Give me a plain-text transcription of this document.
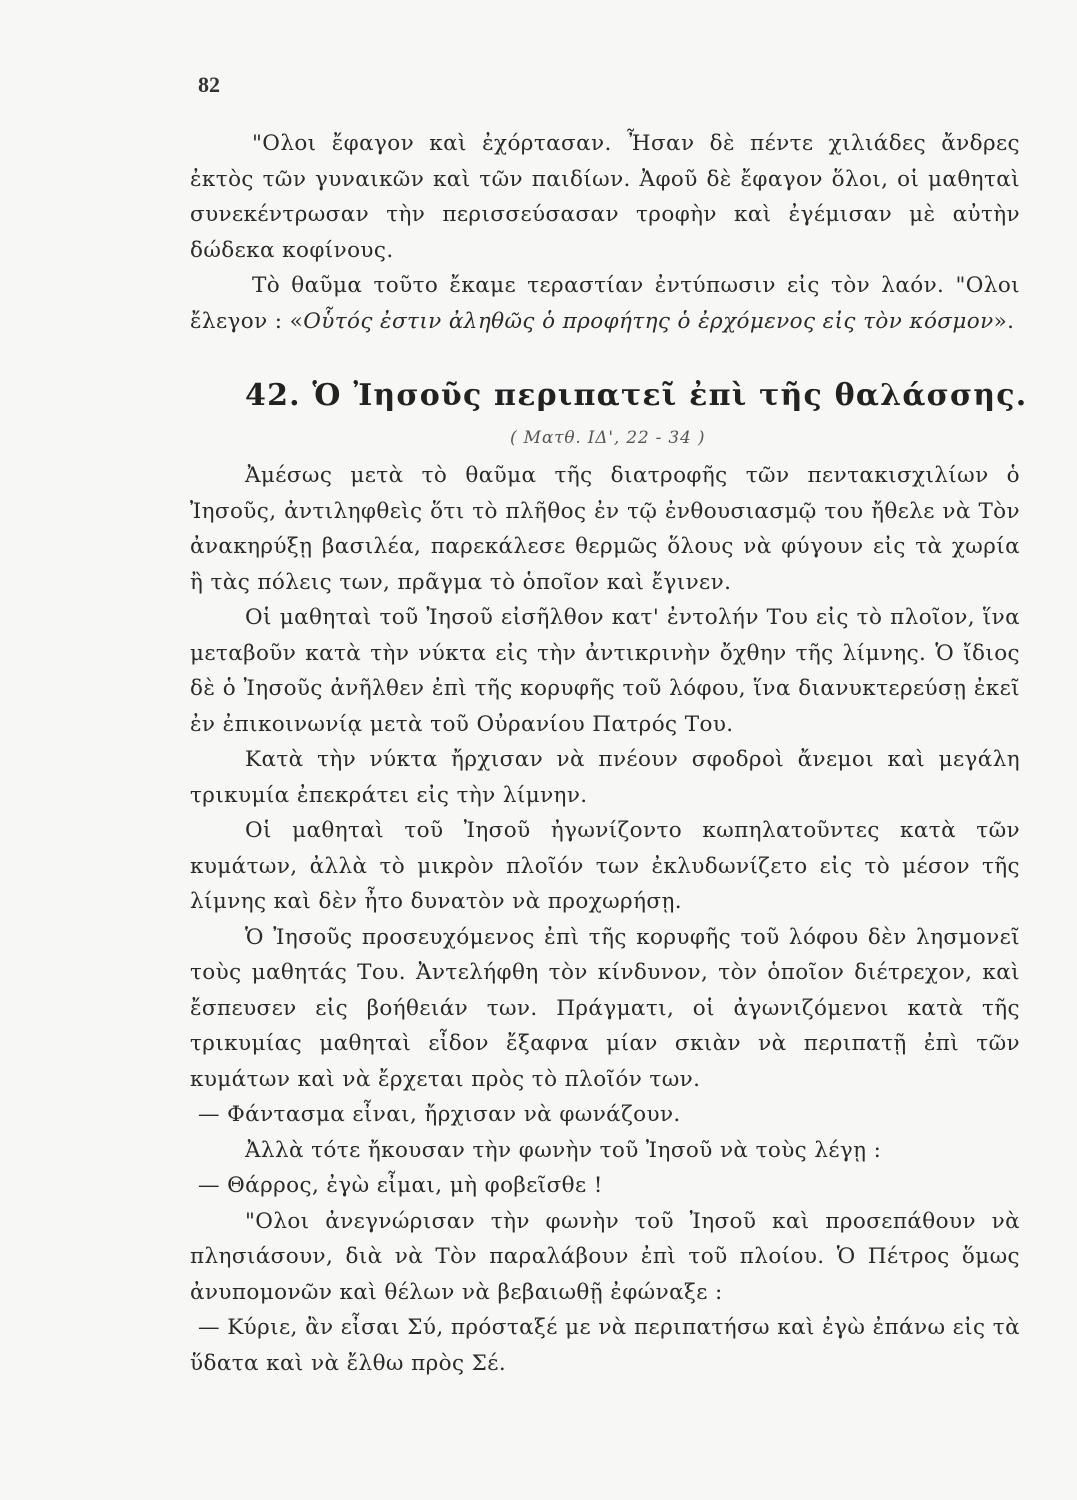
82

"Ολοι ἔφαγον καὶ ἐχόρτασαν. Ἦσαν δὲ πέντε χιλιάδες ἄνδρες ἐκτὸς τῶν γυναικῶν καὶ τῶν παιδίων. Ἀφοῦ δὲ ἔφαγον ὅλοι, οἱ μαθηταὶ συνεκέντρωσαν τὴν περισσεύσασαν τροφὴν καὶ ἐγέμισαν μὲ αὐτὴν δώδεκα κοφίνους.

Τὸ θαῦμα τοῦτο ἔκαμε τεραστίαν ἐντύπωσιν εἰς τὸν λαόν. "Ολοι ἔλεγον : «Οὗτός ἐστιν ἀληθῶς ὁ προφήτης ὁ ἐρχόμενος εἰς τὸν κόσμον».

42. Ὁ Ἰησοῦς περιπατεῖ ἐπὶ τῆς θαλάσσης.
( Ματθ. ΙΔ', 22 - 34 )

Ἀμέσως μετὰ τὸ θαῦμα τῆς διατροφῆς τῶν πεντακισχιλίων ὁ Ἰησοῦς, ἀντιληφθεὶς ὅτι τὸ πλῆθος ἐν τῷ ἐνθουσιασμῷ του ἤθελε νὰ Τὸν ἀνακηρύξῃ βασιλέα, παρεκάλεσε θερμῶς ὅλους νὰ φύγουν εἰς τὰ χωρία ἢ τὰς πόλεις των, πρᾶγμα τὸ ὁποῖον καὶ ἔγινεν.

Οἱ μαθηταὶ τοῦ Ἰησοῦ εἰσῆλθον κατ' ἐντολήν Του εἰς τὸ πλοῖον, ἵνα μεταβοῦν κατὰ τὴν νύκτα εἰς τὴν ἀντικρινὴν ὄχθην τῆς λίμνης. Ὁ ἴδιος δὲ ὁ Ἰησοῦς ἀνῆλθεν ἐπὶ τῆς κορυφῆς τοῦ λόφου, ἵνα διανυκτερεύσῃ ἐκεῖ ἐν ἐπικοινωνίᾳ μετὰ τοῦ Οὐρανίου Πατρός Του.

Κατὰ τὴν νύκτα ἤρχισαν νὰ πνέουν σφοδροὶ ἄνεμοι καὶ μεγάλη τρικυμία ἐπεκράτει εἰς τὴν λίμνην.

Οἱ μαθηταὶ τοῦ Ἰησοῦ ἠγωνίζοντο κωπηλατοῦντες κατὰ τῶν κυμάτων, ἀλλὰ τὸ μικρὸν πλοῖόν των ἐκλυδωνίζετο εἰς τὸ μέσον τῆς λίμνης καὶ δὲν ἦτο δυνατὸν νὰ προχωρήσῃ.

Ὁ Ἰησοῦς προσευχόμενος ἐπὶ τῆς κορυφῆς τοῦ λόφου δὲν λησμονεῖ τοὺς μαθητάς Του. Ἀντελήφθη τὸν κίνδυνον, τὸν ὁποῖον διέτρεχον, καὶ ἔσπευσεν εἰς βοήθειάν των. Πράγματι, οἱ ἀγωνιζόμενοι κατὰ τῆς τρικυμίας μαθηταὶ εἶδον ἔξαφνα μίαν σκιὰν νὰ περιπατῇ ἐπὶ τῶν κυμάτων καὶ νὰ ἔρχεται πρὸς τὸ πλοῖόν των.

— Φάντασμα εἶναι, ἤρχισαν νὰ φωνάζουν.

Ἀλλὰ τότε ἤκουσαν τὴν φωνὴν τοῦ Ἰησοῦ νὰ τοὺς λέγῃ :

— Θάρρος, ἐγὼ εἶμαι, μὴ φοβεῖσθε !

"Ολοι ἀνεγνώρισαν τὴν φωνὴν τοῦ Ἰησοῦ καὶ προσεπάθουν νὰ πλησιάσουν, διὰ νὰ Τὸν παραλάβουν ἐπὶ τοῦ πλοίου. Ὁ Πέτρος ὅμως ἀνυπομονῶν καὶ θέλων νὰ βεβαιωθῇ ἐφώναξε :

— Κύριε, ἂν εἶσαι Σύ, πρόσταξέ με νὰ περιπατήσω καὶ ἐγὼ ἐπάνω εἰς τὰ ὕδατα καὶ νὰ ἔλθω πρὸς Σέ.
